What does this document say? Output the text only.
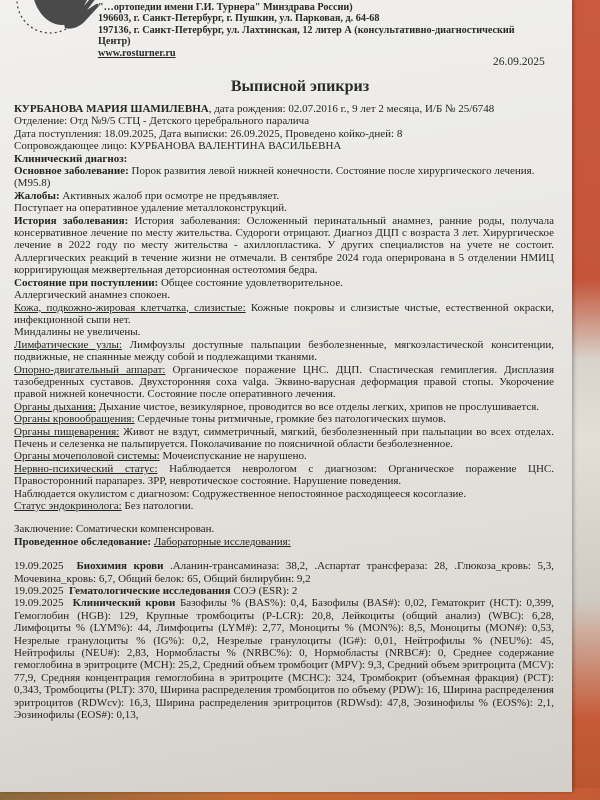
"…ортопедии имени Г.И. Турнера" Минздрава России)
196603, г. Санкт-Петербург, г. Пушкин, ул. Парковая, д. 64-68
197136, г. Санкт-Петербург, ул. Лахтинская, 12 литер А (консультативно-диагностический
Центр)
www.rosturner.ru
26.09.2025
Выписной эпикриз

КУРБАНОВА МАРИЯ ШАМИЛЕВНА, дата рождения: 02.07.2016 г., 9 лет 2 месяца, И/Б № 25/6748

Отделение: Отд №9/5 СТЦ - Детского церебрального паралича

Дата поступления: 18.09.2025, Дата выписки: 26.09.2025, Проведено койко-дней: 8

Сопровождающее лицо: КУРБАНОВА ВАЛЕНТИНА ВАСИЛЬЕВНА

Клинический диагноз:

Основное заболевание: Порок развития левой нижней конечности. Состояние после хирургического лечения. (M95.8)

Жалобы: Активных жалоб при осмотре не предъявляет.

Поступает на оперативное удаление металлоконструкций.

История заболевания: История заболевания: Осложенный перинатальный анамнез, ранние роды, получала консервативное лечение по месту жительства. Судороги отрицают. Диагноз ДЦП с возраста 3 лет. Хирургическое лечение в 2022 году по месту жительства - ахиллопластика. У других специалистов на учете не состоит. Аллергических реакций в течение жизни не отмечали. В сентябре 2024 года оперирована в 5 отделении НМИЦ корригирующая межвертельная деторсионная остеотомия бедра.

Состояние при поступлении: Общее состояние удовлетворительное.

Аллергический анамнез спокоен.

Кожа, подкожно-жировая клетчатка, слизистые: Кожные покровы и слизистые чистые, естественной окраски, инфекционной сыпи нет.

Миндалины не увеличены.

Лимфатические узлы: Лимфоузлы доступные пальпации безболезненные, мягкоэластической конситенции, подвижные, не спаянные между собой и подлежащими тканями.

Опорно-двигательный аппарат: Органическое поражение ЦНС. ДЦП. Спастическая гемиплегия. Дисплазия тазобедренных суставов. Двухсторонняя coxa valga. Эквино-варусная деформация правой стопы. Укорочение правой нижней конечности. Состояние после оперативного лечения.

Органы дыхания: Дыхание чистое, везикулярное, проводится во все отделы легких, хрипов не прослушивается.

Органы кровообращения: Сердечные тоны ритмичные, громкие без патологических шумов.

Органы пищеварения: Живот не вздут, симметричный, мягкий, безболезненный при пальпации во всех отделах. Печень и селезенка не пальпируется. Поколачивание по поясничной области безболезненное.

Органы мочеполовой системы: Мочеиспускание не нарушено.

Нервно-психический статус: Наблюдается неврологом с диагнозом: Органическое поражение ЦНС. Правосторонний парапарез. ЗРР, невротическое состояние. Нарушение поведения.

Наблюдается окулистом с диагнозом: Содружественное непостоянное расходящееся косоглазие.

Статус эндокринолога: Без патологии.

Заключение: Соматически компенсирован.

Проведенное обследование: Лабораторные исследования:

19.09.2025 Биохимия крови .Аланин-трансаминаза: 38,2, .Аспартат трансфераза: 28, .Глюкоза_кровь: 5,3, Мочевина_кровь: 6,7, Общий белок: 65, Общий билирубин: 9,2

19.09.2025 Гематологические исследования СОЭ (ESR): 2

19.09.2025 Клинический крови Базофилы % (BAS%): 0,4, Базофилы (BAS#): 0,02, Гематокрит (HCT): 0,399, Гемоглобин (HGB): 129, Крупные тромбоциты (P-LCR): 20,8, Лейкоциты (общий анализ) (WBC): 6,28, Лимфоциты % (LYM%): 44, Лимфоциты (LYM#): 2,77, Моноциты % (MON%): 8,5, Моноциты (MON#): 0,53, Незрелые гранулоциты % (IG%): 0,2, Незрелые гранулоциты (IG#): 0,01, Нейтрофилы % (NEU%): 45, Нейтрофилы (NEU#): 2,83, Нормобласты % (NRBC%): 0, Нормобласты (NRBC#): 0, Среднее содержание гемоглобина в эритроците (MCH): 25,2, Средний объем тромбоцит (MPV): 9,3, Средний объем эритроцита (MCV): 77,9, Средняя концентрация гемоглобина в эритроците (MCHC): 324, Тромбокрит (объемная фракция) (PCT): 0,343, Тромбоциты (PLT): 370, Ширина распределения тромбоцитов по объему (PDW): 16, Ширина распределения эритроцитов (RDWcv): 16,3, Ширина распределения эритроцитов (RDWsd): 47,8, Эозинофилы % (EOS%): 2,1, Эозинофилы (EOS#): 0,13,
